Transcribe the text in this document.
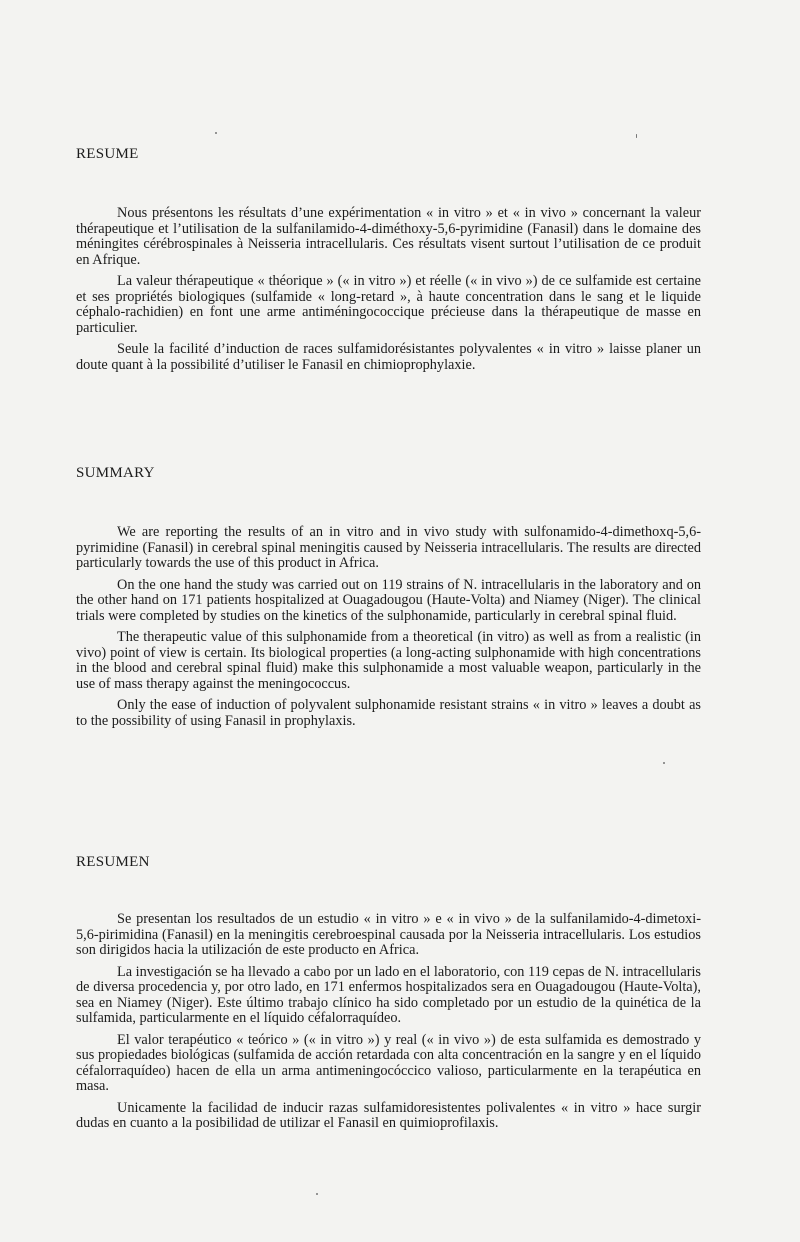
RESUME

Nous présentons les résultats d’une expérimentation « in vitro » et « in vivo » concernant la valeur thérapeutique et l’utilisation de la sulfanilamido-4-diméthoxy-5,6-pyrimidine (Fanasil) dans le domaine des méningites cérébrospinales à Neisseria intracellularis. Ces résultats visent surtout l’utilisation de ce produit en Afrique.

La valeur thérapeutique « théorique » (« in vitro ») et réelle (« in vivo ») de ce sulfamide est certaine et ses propriétés biologiques (sulfamide « long-retard », à haute concentration dans le sang et le liquide céphalo-rachidien) en font une arme antiméningococcique précieuse dans la thérapeutique de masse en particulier.

Seule la facilité d’induction de races sulfamidorésistantes polyvalentes « in vitro » laisse planer un doute quant à la possibilité d’utiliser le Fanasil en chimioprophylaxie.

SUMMARY

We are reporting the results of an in vitro and in vivo study with sulfonamido-4-dimethoxq-5,6-pyrimidine (Fanasil) in cerebral spinal meningitis caused by Neisseria intracellularis. The results are directed particularly towards the use of this product in Africa.

On the one hand the study was carried out on 119 strains of N. intracellularis in the laboratory and on the other hand on 171 patients hospitalized at Ouagadougou (Haute-Volta) and Niamey (Niger). The clinical trials were completed by studies on the kinetics of the sulphonamide, particularly in cerebral spinal fluid.

The therapeutic value of this sulphonamide from a theoretical (in vitro) as well as from a realistic (in vivo) point of view is certain. Its biological properties (a long-acting sulphonamide with high concentrations in the blood and cerebral spinal fluid) make this sulphonamide a most valuable weapon, particularly in the use of mass therapy against the meningococcus.

Only the ease of induction of polyvalent sulphonamide resistant strains « in vitro » leaves a doubt as to the possibility of using Fanasil in prophylaxis.

RESUMEN

Se presentan los resultados de un estudio « in vitro » e « in vivo » de la sulfanilamido-4-dimetoxi-5,6-pirimidina (Fanasil) en la meningitis cerebroespinal causada por la Neisseria intracellularis. Los estudios son dirigidos hacia la utilización de este producto en Africa.

La investigación se ha llevado a cabo por un lado en el laboratorio, con 119 cepas de N. intracellularis de diversa procedencia y, por otro lado, en 171 enfermos hospitalizados sera en Ouagadougou (Haute-Volta), sea en Niamey (Niger). Este último trabajo clínico ha sido completado por un estudio de la quinética de la sulfamida, particularmente en el líquido céfalorraquídeo.

El valor terapéutico « teórico » (« in vitro ») y real (« in vivo ») de esta sulfamida es demostrado y sus propiedades biológicas (sulfamida de acción retardada con alta concentración en la sangre y en el líquido céfalorraquídeo) hacen de ella un arma antimeningocóccico valioso, particularmente en la terapéutica en masa.

Unicamente la facilidad de inducir razas sulfamidoresistentes polivalentes « in vitro » hace surgir dudas en cuanto a la posibilidad de utilizar el Fanasil en quimioprofilaxis.
